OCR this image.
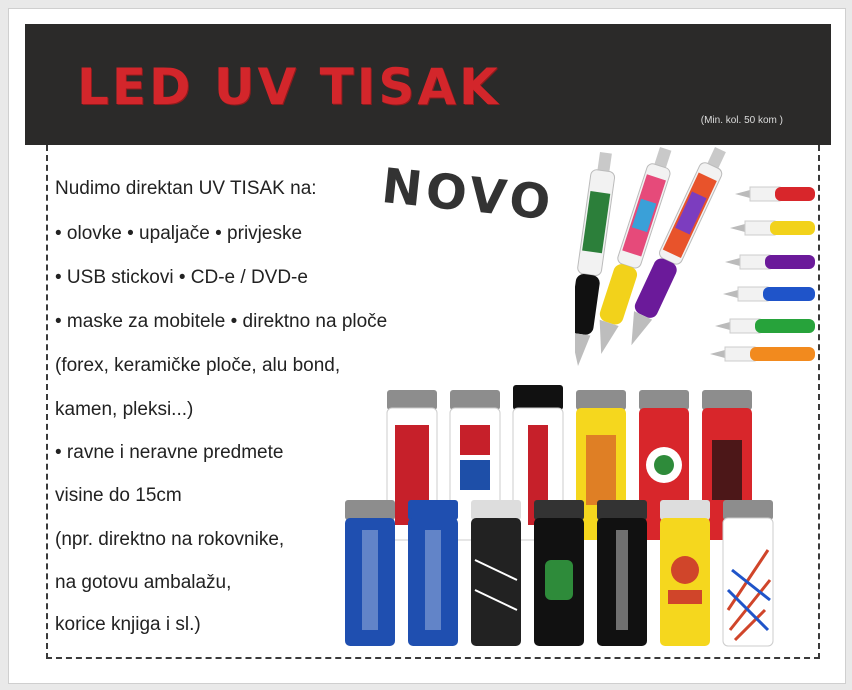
LED UV TISAK
(Min. kol. 50 kom )
NOVO
Nudimo direktan UV TISAK na:
• olovke • upaljače • privjeske
• USB stickovi • CD-e / DVD-e
• maske za mobitele • direktno na ploče
(forex, keramičke ploče, alu bond,
kamen, pleksi...)
• ravne i neravne predmete
visine do 15cm
(npr. direktno na rokovnike,
na gotovu ambalažu,
korice knjiga i sl.)
